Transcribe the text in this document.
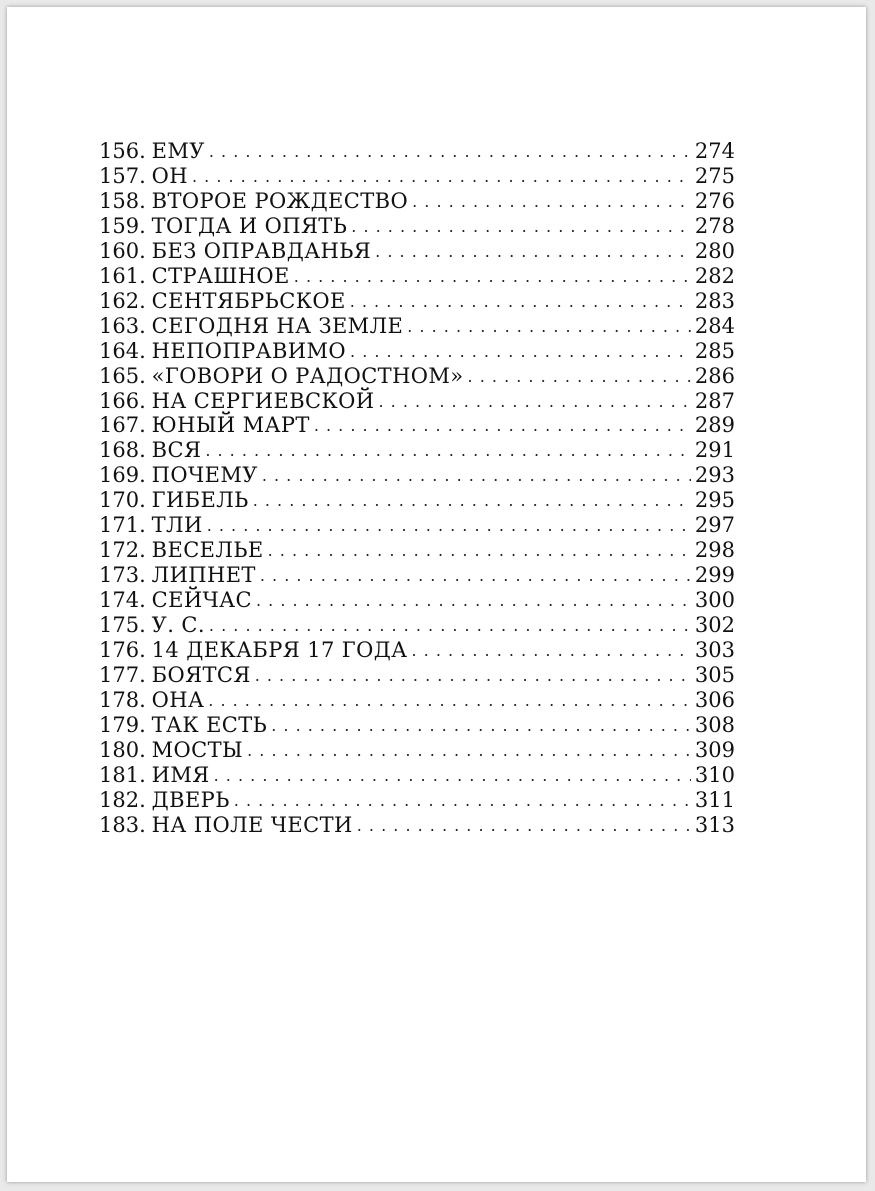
156. ЕМУ . . .	274
157. ОН . . .	275
158. ВТОРОЕ РОЖДЕСТВО . . .	276
159. ТОГДА И ОПЯТЬ . . .	278
160. БЕЗ ОПРАВДАНЬЯ . . .	280
161. СТРАШНОЕ . . .	282
162. СЕНТЯБРЬСКОЕ . . .	283
163. СЕГОДНЯ НА ЗЕМЛЕ . . .	284
164. НЕПОПРАВИМО . . .	285
165. «ГОВОРИ О РАДОСТНОМ» . . .	286
166. НА СЕРГИЕВСКОЙ . . .	287
167. ЮНЫЙ МАРТ . . .	289
168. ВСЯ . . .	291
169. ПОЧЕМУ . . .	293
170. ГИБЕЛЬ . . .	295
171. ТЛИ . . .	297
172. ВЕСЕЛЬЕ . . .	298
173. ЛИПНЕТ . . .	299
174. СЕЙЧАС . . .	300
175. У. С. . . .	302
176. 14 ДЕКАБРЯ 17 ГОДА . . .	303
177. БОЯТСЯ . . .	305
178. ОНА . . .	306
179. ТАК ЕСТЬ . . .	308
180. МОСТЫ . . .	309
181. ИМЯ . . .	310
182. ДВЕРЬ . . .	311
183. НА ПОЛЕ ЧЕСТИ . . .	313
